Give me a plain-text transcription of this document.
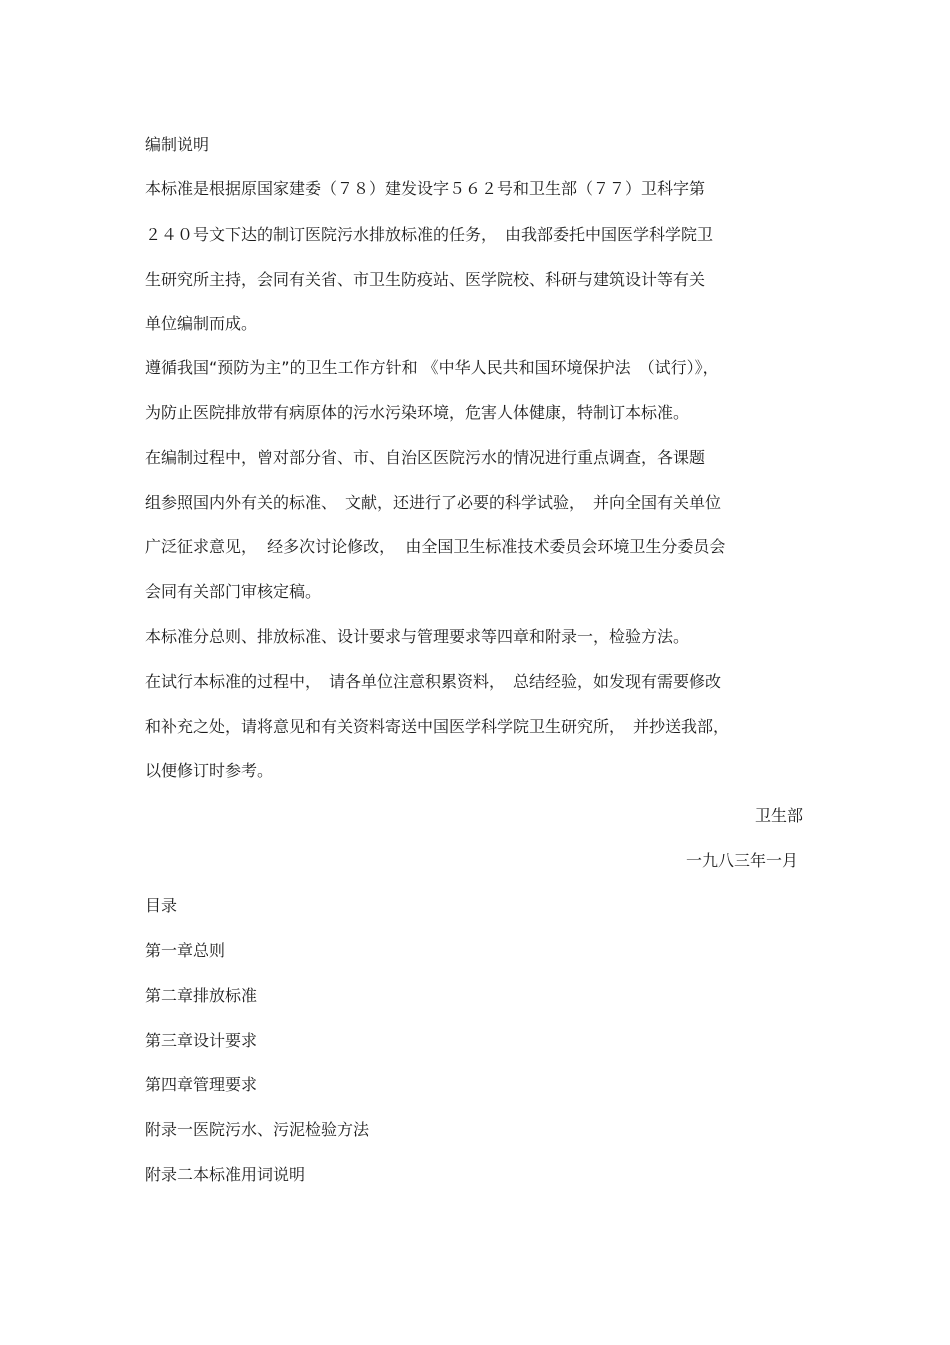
编制说明
本标准是根据原国家建委（７８）建发设字５６２号和卫生部（７７）卫科字第
２４０号文下达的制订医院污水排放标准的任务，　由我部委托中国医学科学院卫
生研究所主持，会同有关省、市卫生防疫站、医学院校、科研与建筑设计等有关
单位编制而成。
遵循我国“预防为主”的卫生工作方针和 《中华人民共和国环境保护法　（试行）》，
为防止医院排放带有病原体的污水污染环境，危害人体健康，特制订本标准。
在编制过程中，曾对部分省、市、自治区医院污水的情况进行重点调查，各课题
组参照国内外有关的标准、　文献，还进行了必要的科学试验，　并向全国有关单位
广泛征求意见，  经多次讨论修改，  由全国卫生标准技术委员会环境卫生分委员会
会同有关部门审核定稿。
本标准分总则、排放标准、设计要求与管理要求等四章和附录一，检验方法。
在试行本标准的过程中，　请各单位注意积累资料，　总结经验，如发现有需要修改
和补充之处，请将意见和有关资料寄送中国医学科学院卫生研究所，　并抄送我部，
以便修订时参考。
卫生部
一九八三年一月
目录
第一章总则
第二章排放标准
第三章设计要求
第四章管理要求
附录一医院污水、污泥检验方法
附录二本标准用词说明
